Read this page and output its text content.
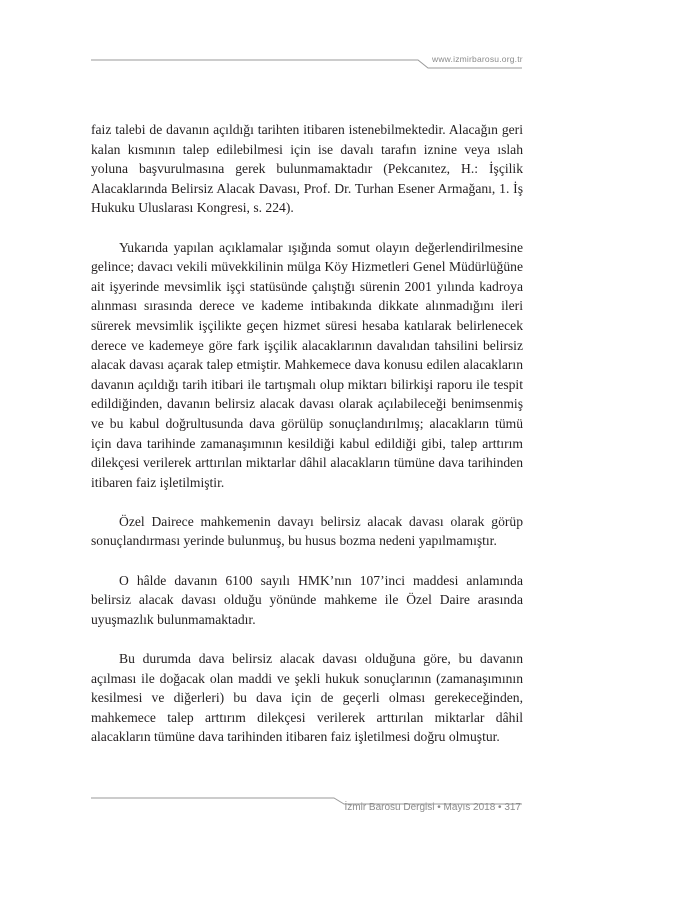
www.izmirbarosu.org.tr

faiz talebi de davanın açıldığı tarihten itibaren istenebilmektedir. Alacağın geri kalan kısmının talep edilebilmesi için ise davalı tarafın iznine veya ıslah yoluna başvurulmasına gerek bulunmamaktadır (Pekcanıtez, H.: İşçilik Alacaklarında Belirsiz Alacak Davası, Prof. Dr. Turhan Esener Armağanı, 1. İş Hukuku Uluslarası Kongresi, s. 224).

Yukarıda yapılan açıklamalar ışığında somut olayın değerlendirilmesine gelince; davacı vekili müvekkilinin mülga Köy Hizmetleri Genel Müdürlüğüne ait işyerinde mevsimlik işçi statüsünde çalıştığı sürenin 2001 yılında kadroya alınması sırasında derece ve kademe intibakında dikkate alınmadığını ileri sürerek mevsimlik işçilikte geçen hizmet süresi hesaba katılarak belirlenecek derece ve kademeye göre fark işçilik alacaklarının davalıdan tahsilini belirsiz alacak davası açarak talep etmiştir. Mahkemece dava konusu edilen alacakların davanın açıldığı tarih itibari ile tartışmalı olup miktarı bilirkişi raporu ile tespit edildiğinden, davanın belirsiz alacak davası olarak açılabileceği benimsenmiş ve bu kabul doğrultusunda dava görülüp sonuçlandırılmış; alacakların tümü için dava tarihinde zamanaşımının kesildiği kabul edildiği gibi, talep arttırım dilekçesi verilerek arttırılan miktarlar dâhil alacakların tümüne dava tarihinden itibaren faiz işletilmiştir.

Özel Dairece mahkemenin davayı belirsiz alacak davası olarak görüp sonuçlandırması yerinde bulunmuş, bu husus bozma nedeni yapılmamıştır.

O hâlde davanın 6100 sayılı HMK’nın 107’inci maddesi anlamında belirsiz alacak davası olduğu yönünde mahkeme ile Özel Daire arasında uyuşmazlık bulunmamaktadır.

Bu durumda dava belirsiz alacak davası olduğuna göre, bu davanın açılması ile doğacak olan maddi ve şekli hukuk sonuçlarının (zamanaşımının kesilmesi ve diğerleri) bu dava için de geçerli olması gerekeceğinden, mahkemece talep arttırım dilekçesi verilerek arttırılan miktarlar dâhil alacakların tümüne dava tarihinden itibaren faiz işletilmesi doğru olmuştur.

İzmir Barosu Dergisi • Mayıs 2018 • 317
